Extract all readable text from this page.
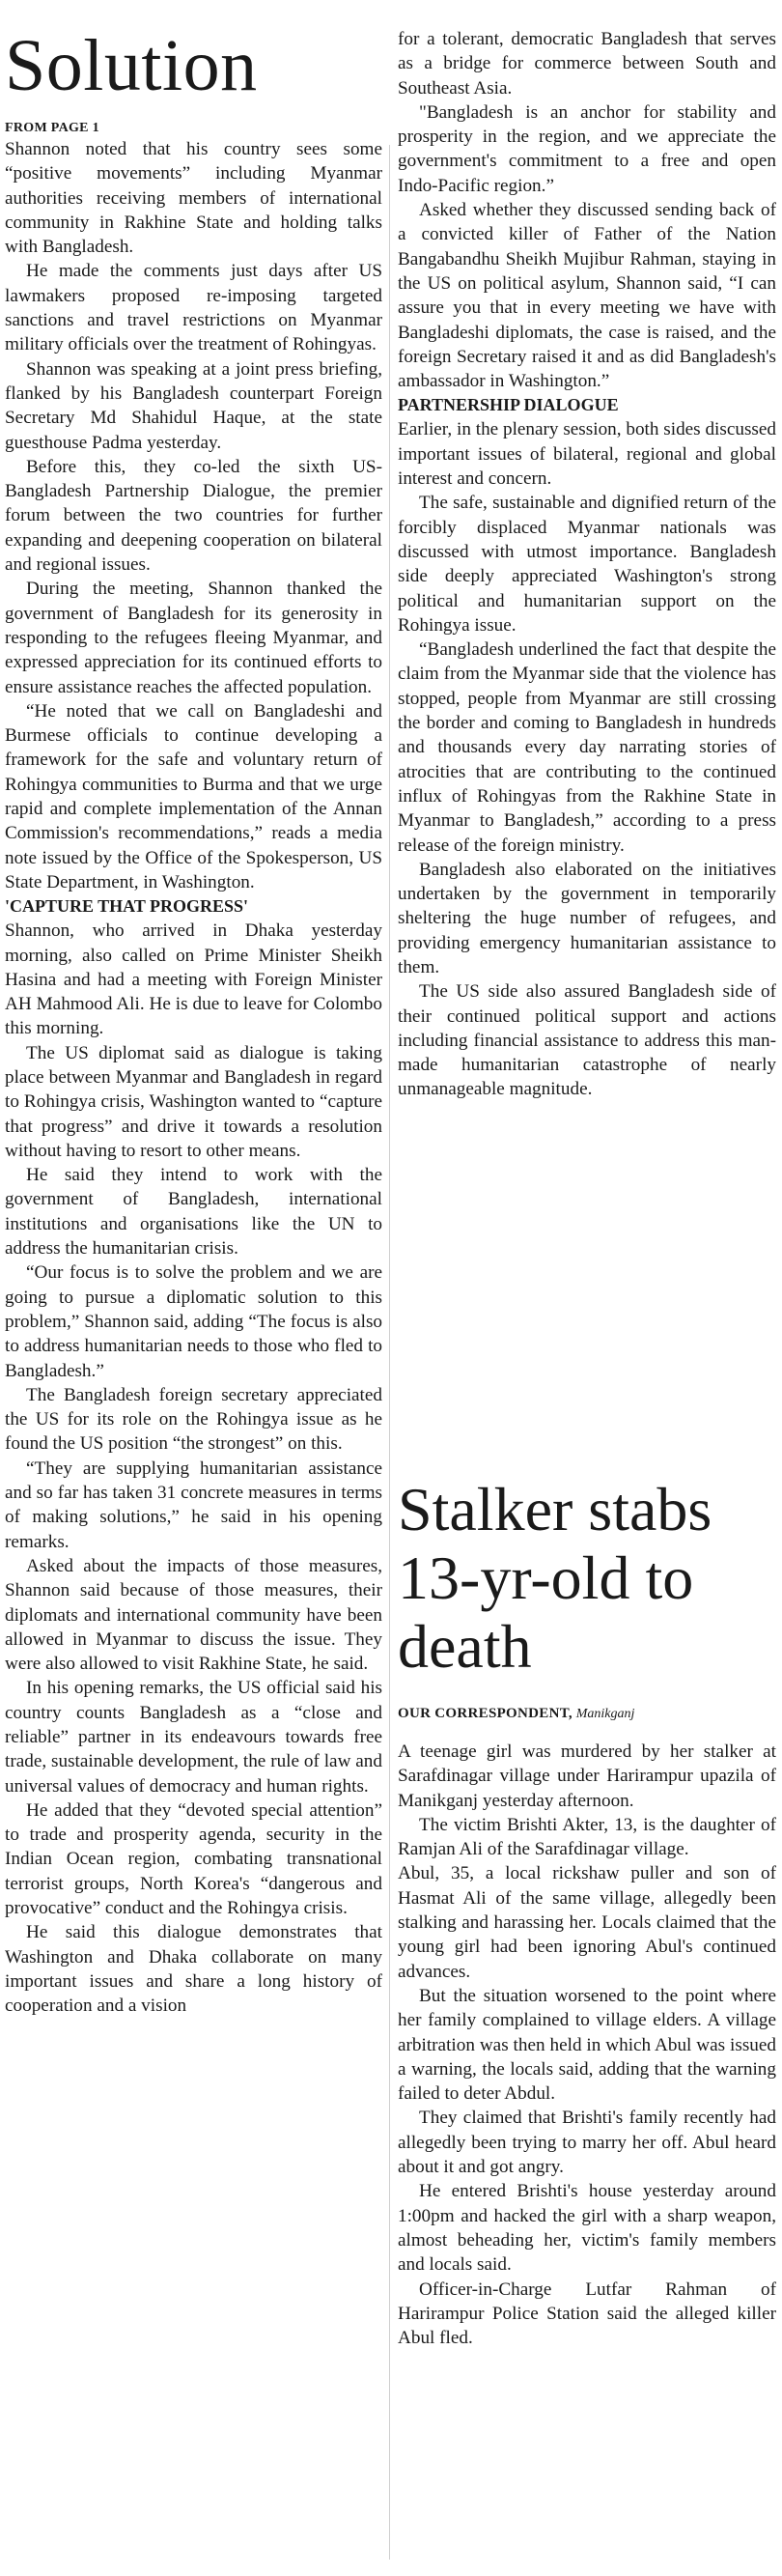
Solution
FROM PAGE 1

Shannon noted that his country sees some “positive movements” including Myanmar authorities receiving members of international community in Rakhine State and holding talks with Bangladesh.

He made the comments just days after US lawmakers proposed re-imposing targeted sanctions and travel restrictions on Myanmar military officials over the treatment of Rohingyas.

Shannon was speaking at a joint press briefing, flanked by his Bangladesh counterpart Foreign Secretary Md Shahidul Haque, at the state guesthouse Padma yesterday.

Before this, they co-led the sixth US-Bangladesh Partnership Dialogue, the premier forum between the two countries for further expanding and deepening cooperation on bilateral and regional issues.

During the meeting, Shannon thanked the government of Bangladesh for its generosity in responding to the refugees fleeing Myanmar, and expressed appreciation for its continued efforts to ensure assistance reaches the affected population.

“He noted that we call on Bangladeshi and Burmese officials to continue developing a framework for the safe and voluntary return of Rohingya communities to Burma and that we urge rapid and complete implementation of the Annan Commission's recommendations,” reads a media note issued by the Office of the Spokesperson, US State Department, in Washington.

'CAPTURE THAT PROGRESS'

Shannon, who arrived in Dhaka yesterday morning, also called on Prime Minister Sheikh Hasina and had a meeting with Foreign Minister AH Mahmood Ali. He is due to leave for Colombo this morning.

The US diplomat said as dialogue is taking place between Myanmar and Bangladesh in regard to Rohingya crisis, Washington wanted to “capture that progress” and drive it towards a resolution without having to resort to other means.

He said they intend to work with the government of Bangladesh, international institutions and organisations like the UN to address the humanitarian crisis.

“Our focus is to solve the problem and we are going to pursue a diplomatic solution to this problem,” Shannon said, adding “The focus is also to address humanitarian needs to those who fled to Bangladesh.”

The Bangladesh foreign secretary appreciated the US for its role on the Rohingya issue as he found the US position “the strongest” on this.

“They are supplying humanitarian assistance and so far has taken 31 concrete measures in terms of making solutions,” he said in his opening remarks.

Asked about the impacts of those measures, Shannon said because of those measures, their diplomats and international community have been allowed in Myanmar to discuss the issue. They were also allowed to visit Rakhine State, he said.

In his opening remarks, the US official said his country counts Bangladesh as a “close and reliable” partner in its endeavours towards free trade, sustainable development, the rule of law and universal values of democracy and human rights.

He added that they “devoted special attention” to trade and prosperity agenda, security in the Indian Ocean region, combating transnational terrorist groups, North Korea's “dangerous and provocative” conduct and the Rohingya crisis.

He said this dialogue demonstrates that Washington and Dhaka collaborate on many important issues and share a long history of cooperation and a vision

for a tolerant, democratic Bangladesh that serves as a bridge for commerce between South and Southeast Asia.

"Bangladesh is an anchor for stability and prosperity in the region, and we appreciate the government's commitment to a free and open Indo-Pacific region.”

Asked whether they discussed sending back of a convicted killer of Father of the Nation Bangabandhu Sheikh Mujibur Rahman, staying in the US on political asylum, Shannon said, “I can assure you that in every meeting we have with Bangladeshi diplomats, the case is raised, and the foreign Secretary raised it and as did Bangladesh's ambassador in Washington.”

PARTNERSHIP DIALOGUE

Earlier, in the plenary session, both sides discussed important issues of bilateral, regional and global interest and concern.

The safe, sustainable and dignified return of the forcibly displaced Myanmar nationals was discussed with utmost importance. Bangladesh side deeply appreciated Washington's strong political and humanitarian support on the Rohingya issue.

“Bangladesh underlined the fact that despite the claim from the Myanmar side that the violence has stopped, people from Myanmar are still crossing the border and coming to Bangladesh in hundreds and thousands every day narrating stories of atrocities that are contributing to the continued influx of Rohingyas from the Rakhine State in Myanmar to Bangladesh,” according to a press release of the foreign ministry.

Bangladesh also elaborated on the initiatives undertaken by the government in temporarily sheltering the huge number of refugees, and providing emergency humanitarian assistance to them.

The US side also assured Bangladesh side of their continued political support and actions including financial assistance to address this man-made humanitarian catastrophe of nearly unmanageable magnitude.

Stalker stabs 13-yr-old to death
OUR CORRESPONDENT, Manikganj

A teenage girl was murdered by her stalker at Sarafdinagar village under Harirampur upazila of Manikganj yesterday afternoon.

The victim Brishti Akter, 13, is the daughter of Ramjan Ali of the Sarafdinagar village.

Abul, 35, a local rickshaw puller and son of Hasmat Ali of the same village, allegedly been stalking and harassing her. Locals claimed that the young girl had been ignoring Abul's continued advances.

But the situation worsened to the point where her family complained to village elders. A village arbitration was then held in which Abul was issued a warning, the locals said, adding that the warning failed to deter Abdul.

They claimed that Brishti's family recently had allegedly been trying to marry her off. Abul heard about it and got angry.

He entered Brishti's house yesterday around 1:00pm and hacked the girl with a sharp weapon, almost beheading her, victim's family members and locals said.

Officer-in-Charge Lutfar Rahman of Harirampur Police Station said the alleged killer Abul fled.
